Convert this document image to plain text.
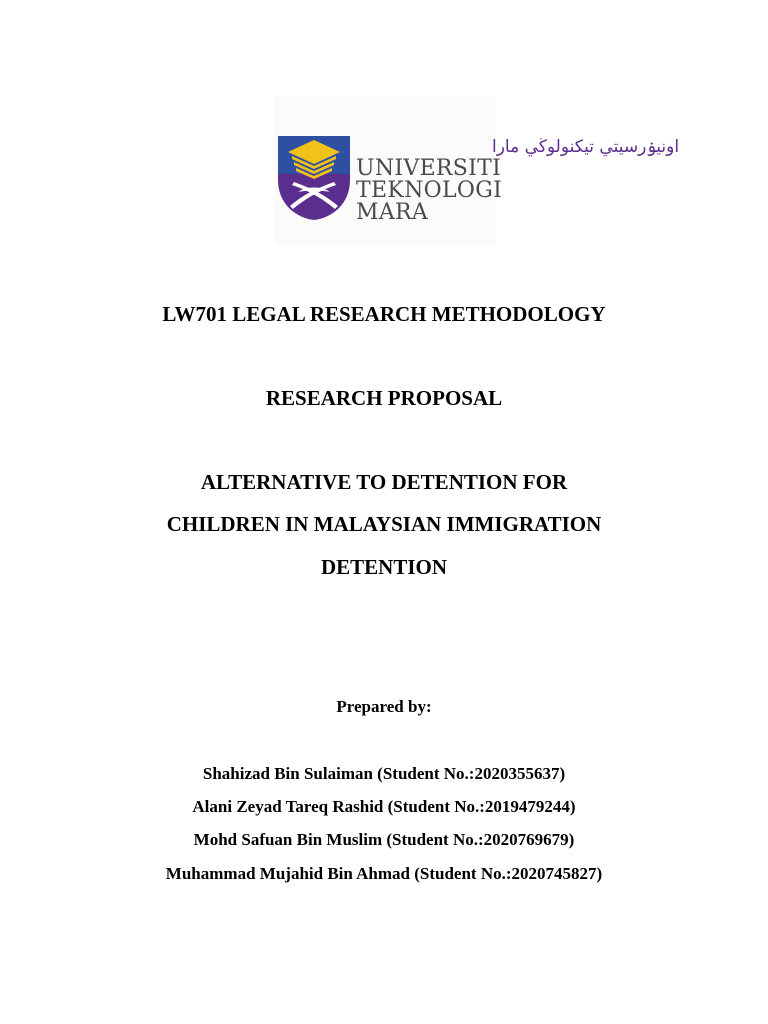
اونيۏرسيتي تيكنولوڬي مارا
UNIVERSITI
TEKNOLOGI
MARA
LW701 LEGAL RESEARCH METHODOLOGY
RESEARCH PROPOSAL
ALTERNATIVE TO DETENTION FOR
CHILDREN IN MALAYSIAN IMMIGRATION
DETENTION
Prepared by:
Shahizad Bin Sulaiman (Student No.:2020355637)
Alani Zeyad Tareq Rashid (Student No.:2019479244)
Mohd Safuan Bin Muslim (Student No.:2020769679)
Muhammad Mujahid Bin Ahmad (Student No.:2020745827)
